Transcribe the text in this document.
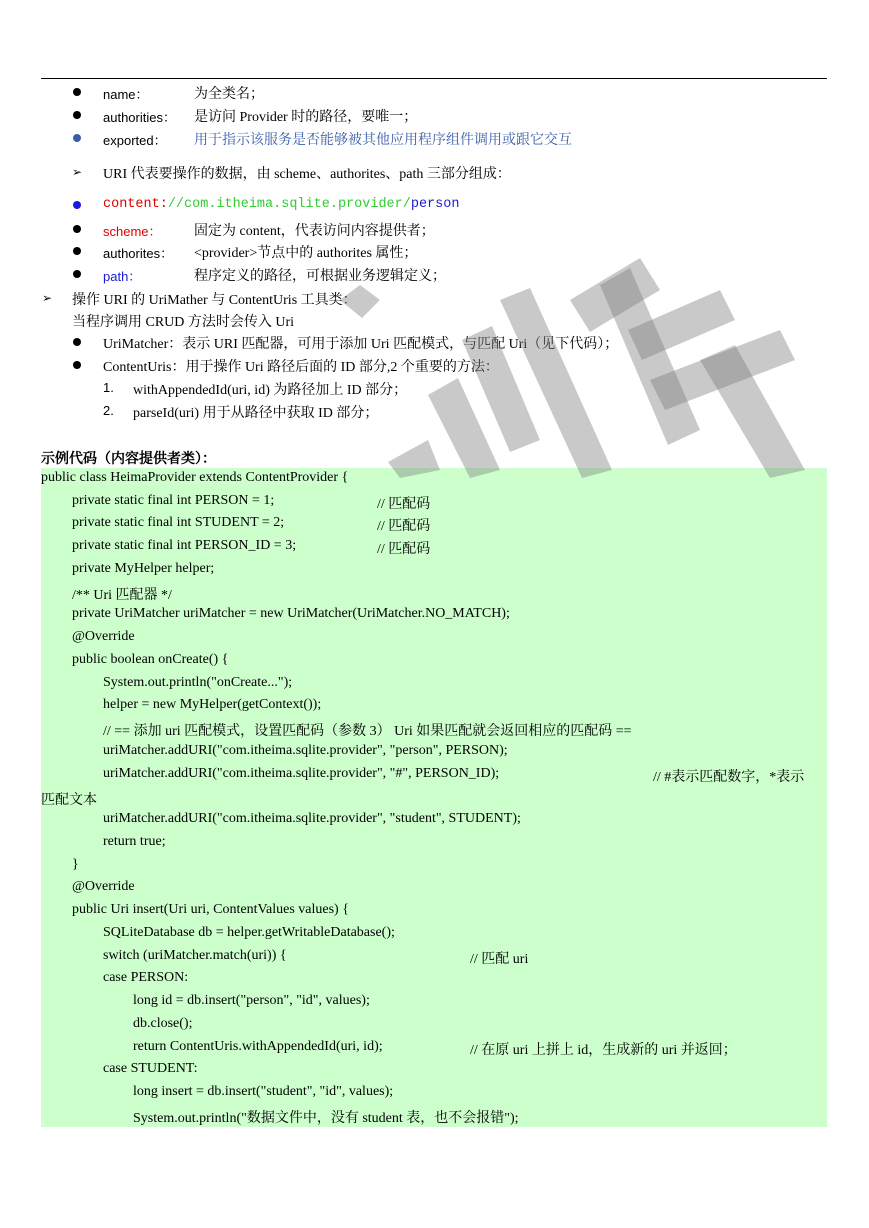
name：	为全类名；
authorities： 是访问 Provider 时的路径，要唯一；
exported： 用于指示该服务是否能够被其他应用程序组件调用或跟它交互
➢ URI 代表要操作的数据，由 scheme、authorites、path 三部分组成：
content://com.itheima.sqlite.provider/person
scheme： 固定为 content，代表访问内容提供者；
authorites： <provider>节点中的 authorites 属性；
path：	程序定义的路径，可根据业务逻辑定义；
➢ 操作 URI 的 UriMather 与 ContentUris 工具类：
当程序调用 CRUD 方法时会传入 Uri
UriMatcher：表示 URI 匹配器，可用于添加 Uri 匹配模式，与匹配 Uri（见下代码）；
ContentUris：用于操作 Uri 路径后面的 ID 部分,2 个重要的方法：
1. withAppendedId(uri, id) 为路径加上 ID 部分；
2. parseId(uri) 用于从路径中获取 ID 部分；
示例代码（内容提供者类）：
public class HeimaProvider extends ContentProvider {
private static final int PERSON = 1;	// 匹配码
private static final int STUDENT = 2;	// 匹配码
private static final int PERSON_ID = 3;	// 匹配码
private MyHelper helper;
/** Uri 匹配器 */
private UriMatcher uriMatcher = new UriMatcher(UriMatcher.NO_MATCH);
@Override
public boolean onCreate() {
System.out.println("onCreate...");
helper = new MyHelper(getContext());
// == 添加 uri 匹配模式，设置匹配码（参数 3） Uri 如果匹配就会返回相应的匹配码 ==
uriMatcher.addURI("com.itheima.sqlite.provider", "person", PERSON);
uriMatcher.addURI("com.itheima.sqlite.provider", "#", PERSON_ID);	// #表示匹配数字，*表示
匹配文本
uriMatcher.addURI("com.itheima.sqlite.provider", "student", STUDENT);
return true;
}
@Override
public Uri insert(Uri uri, ContentValues values) {
SQLiteDatabase db = helper.getWritableDatabase();
switch (uriMatcher.match(uri)) {	// 匹配 uri
case PERSON:
long id = db.insert("person", "id", values);
db.close();
return ContentUris.withAppendedId(uri, id);	// 在原 uri 上拼上 id，生成新的 uri 并返回；
case STUDENT:
long insert = db.insert("student", "id", values);
System.out.println("数据文件中，没有 student 表，也不会报错");
